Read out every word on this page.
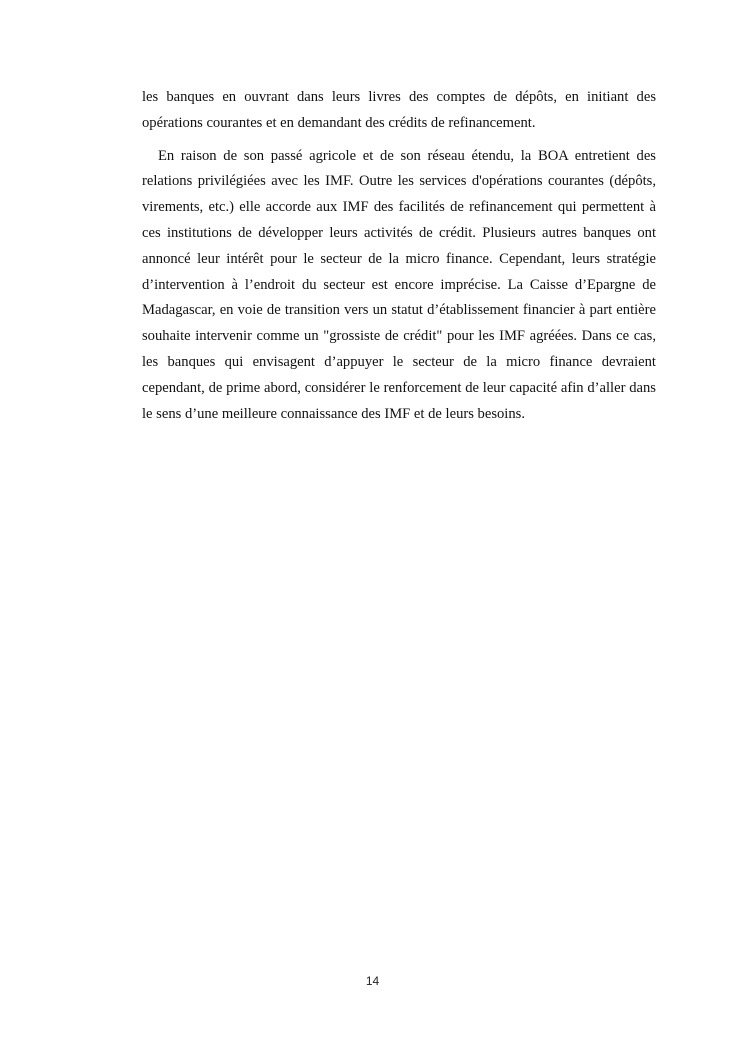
les banques en ouvrant dans leurs livres des comptes de dépôts, en initiant des opérations courantes et en demandant des crédits de refinancement.

En raison de son passé agricole et de son réseau étendu, la BOA entretient des relations privilégiées avec les IMF. Outre les services d'opérations courantes (dépôts, virements, etc.) elle accorde aux IMF des facilités de refinancement qui permettent à ces institutions de développer leurs activités de crédit. Plusieurs autres banques ont annoncé leur intérêt pour le secteur de la micro finance. Cependant, leurs stratégie d’intervention à l’endroit du secteur est encore imprécise. La Caisse d’Epargne de Madagascar, en voie de transition vers un statut d’établissement financier à part entière souhaite intervenir comme un "grossiste de crédit" pour les IMF agréées. Dans ce cas, les banques qui envisagent d’appuyer le secteur de la micro finance devraient cependant, de prime abord, considérer le renforcement de leur capacité afin d’aller dans le sens d’une meilleure connaissance des IMF et de leurs besoins.

14
